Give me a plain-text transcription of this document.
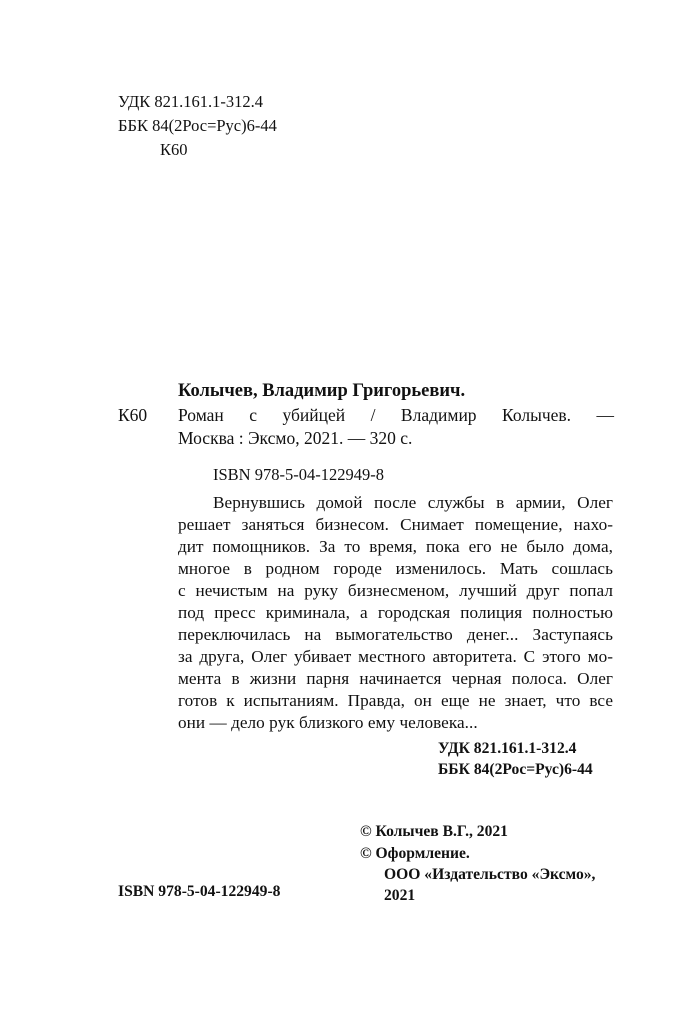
УДК 821.161.1-312.4
ББК 84(2Рос=Рус)6-44
К60
Колычев, Владимир Григорьевич.
К60 Роман с убийцей / Владимир Колычев. —
Москва : Эксмо, 2021. — 320 с.
ISBN 978-5-04-122949-8
Вернувшись домой после службы в армии, Олег
решает заняться бизнесом. Снимает помещение, нахо-
дит помощников. За то время, пока его не было дома,
многое в родном городе изменилось. Мать сошлась
с нечистым на руку бизнесменом, лучший друг попал
под пресс криминала, а городская полиция полностью
переключилась на вымогательство денег... Заступаясь
за друга, Олег убивает местного авторитета. С этого мо-
мента в жизни парня начинается черная полоса. Олег
готов к испытаниям. Правда, он еще не знает, что все
они — дело рук близкого ему человека...
УДК 821.161.1-312.4
ББК 84(2Рос=Рус)6-44
ISBN 978-5-04-122949-8
© Колычев В.Г., 2021
© Оформление.
ООО «Издательство «Эксмо»,
2021
